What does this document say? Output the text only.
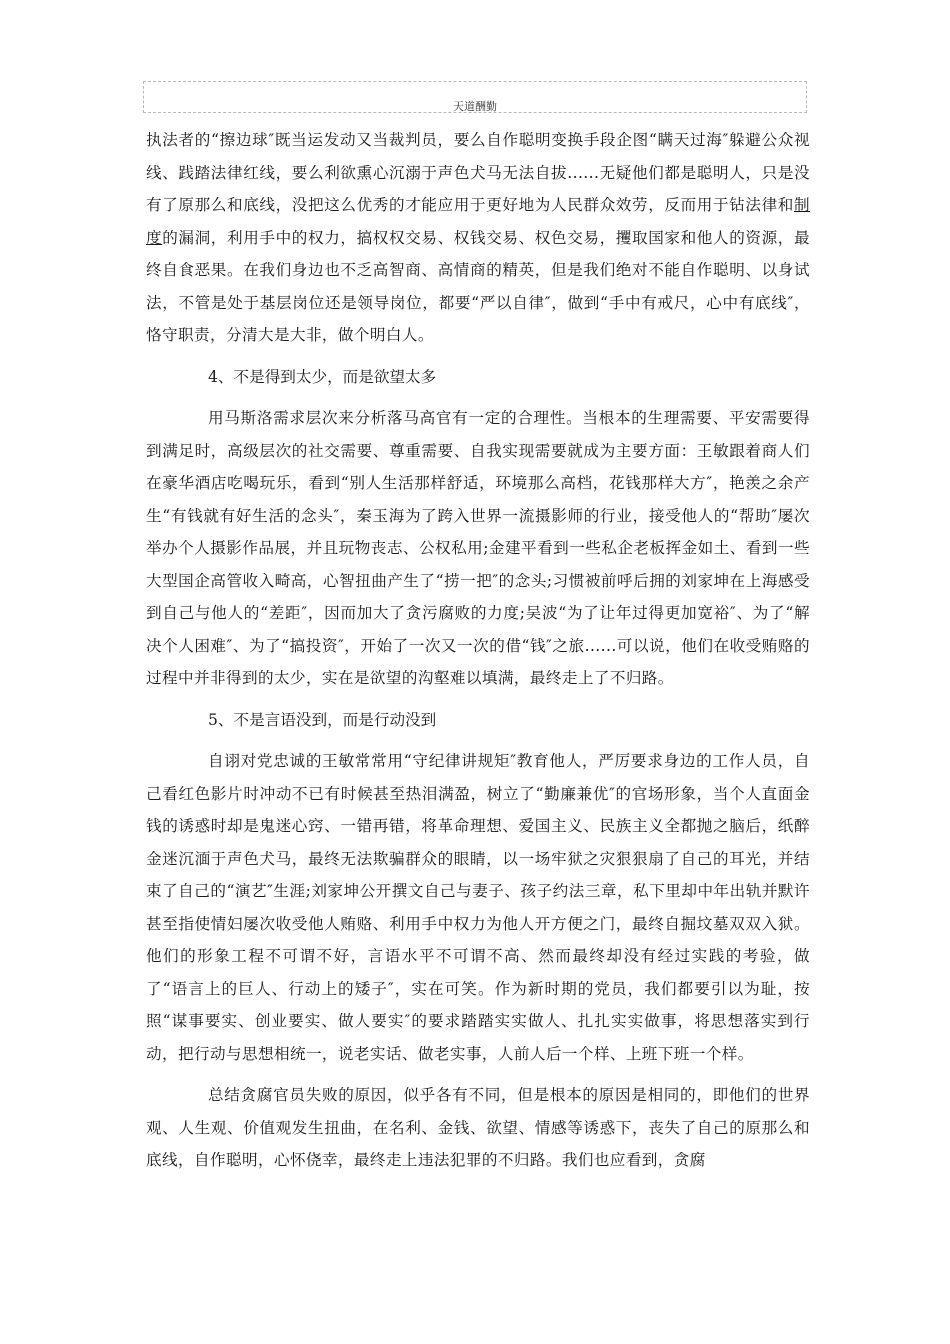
天道酬勤

执法者的“擦边球″既当运发动又当裁判员，要么自作聪明变换手段企图“瞒天过海″躲避公众视线、践踏法律红线，要么利欲熏心沉溺于声色犬马无法自拔......无疑他们都是聪明人，只是没有了原那么和底线，没把这么优秀的才能应用于更好地为人民群众效劳，反而用于钻法律和制度的漏洞，利用手中的权力，搞权权交易、权钱交易、权色交易，攫取国家和他人的资源，最终自食恶果。在我们身边也不乏高智商、高情商的精英，但是我们绝对不能自作聪明、以身试法，不管是处于基层岗位还是领导岗位，都要“严以自律″，做到“手中有戒尺，心中有底线″，恪守职责，分清大是大非，做个明白人。

4、不是得到太少，而是欲望太多

用马斯洛需求层次来分析落马高官有一定的合理性。当根本的生理需要、平安需要得到满足时，高级层次的社交需要、尊重需要、自我实现需要就成为主要方面：王敏跟着商人们在豪华酒店吃喝玩乐，看到“别人生活那样舒适，环境那么高档，花钱那样大方″，艳羡之余产生“有钱就有好生活的念头″，秦玉海为了跨入世界一流摄影师的行业，接受他人的“帮助″屡次举办个人摄影作品展，并且玩物丧志、公权私用;金建平看到一些私企老板挥金如土、看到一些大型国企高管收入畸高，心智扭曲产生了“捞一把″的念头;习惯被前呼后拥的刘家坤在上海感受到自己与他人的“差距″，因而加大了贪污腐败的力度;吴波“为了让年过得更加宽裕″、为了“解决个人困难″、为了“搞投资″，开始了一次又一次的借“钱″之旅......可以说，他们在收受贿赂的过程中并非得到的太少，实在是欲望的沟壑难以填满，最终走上了不归路。

5、不是言语没到，而是行动没到

自诩对党忠诚的王敏常常用“守纪律讲规矩″教育他人，严厉要求身边的工作人员，自己看红色影片时冲动不已有时候甚至热泪满盈，树立了“勤廉兼优″的官场形象，当个人直面金钱的诱惑时却是鬼迷心窍、一错再错，将革命理想、爱国主义、民族主义全都抛之脑后，纸醉金迷沉湎于声色犬马，最终无法欺骗群众的眼睛，以一场牢狱之灾狠狠扇了自己的耳光，并结束了自己的“演艺″生涯;刘家坤公开撰文自己与妻子、孩子约法三章，私下里却中年出轨并默许甚至指使情妇屡次收受他人贿赂、利用手中权力为他人开方便之门，最终自掘坟墓双双入狱。他们的形象工程不可谓不好，言语水平不可谓不高、然而最终却没有经过实践的考验，做了“语言上的巨人、行动上的矮子″，实在可笑。作为新时期的党员，我们都要引以为耻，按照“谋事要实、创业要实、做人要实″的要求踏踏实实做人、扎扎实实做事，将思想落实到行动，把行动与思想相统一，说老实话、做老实事，人前人后一个样、上班下班一个样。

总结贪腐官员失败的原因，似乎各有不同，但是根本的原因是相同的，即他们的世界观、人生观、价值观发生扭曲，在名利、金钱、欲望、情感等诱惑下，丧失了自己的原那么和底线，自作聪明，心怀侥幸，最终走上违法犯罪的不归路。我们也应看到，贪腐
